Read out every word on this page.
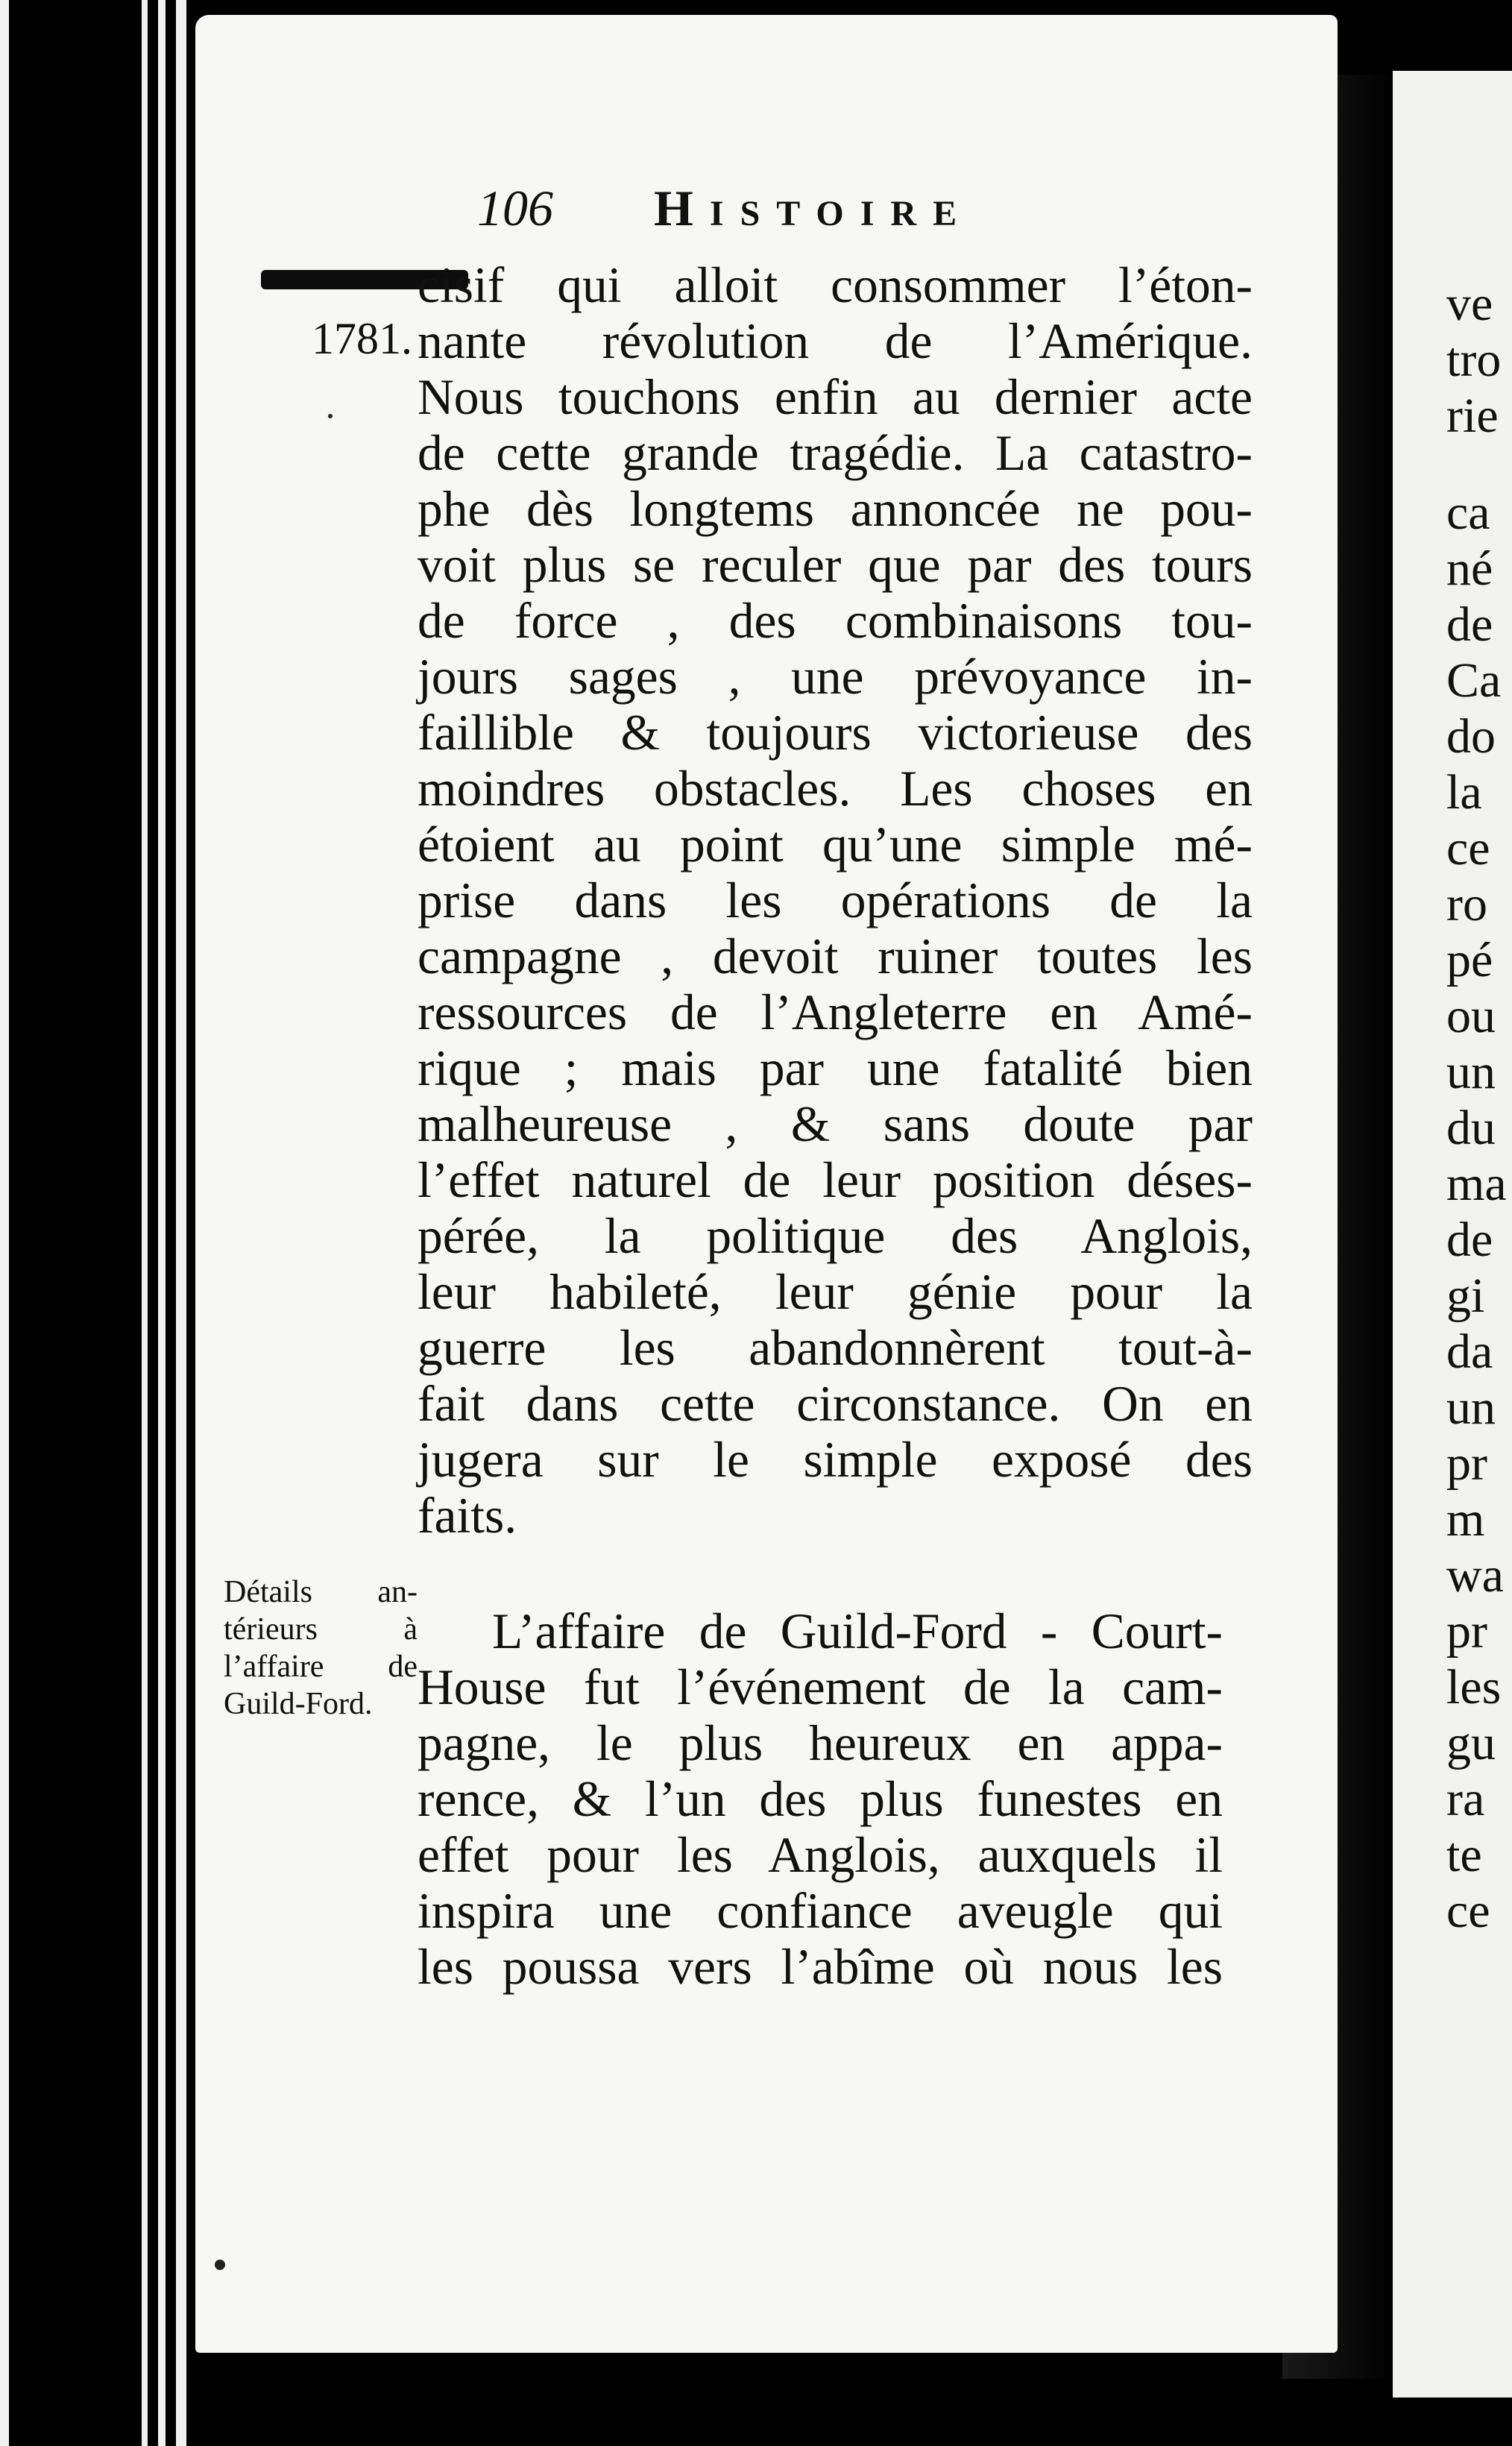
ve
tro
rie
ca
né
de
Ca
do
la
ce
ro
pé
ou
un
du
ma
de
gi
da
un
pr
m
wa
pr
les
gu
ra
te
ce
106 Histoire
1781.
cisif qui alloit consommer l’éton-
nante révolution de l’Amérique.
Nous touchons enfin au dernier acte
de cette grande tragédie. La catastro-
phe dès longtems annoncée ne pou-
voit plus se reculer que par des tours
de force , des combinaisons tou-
jours sages , une prévoyance in-
faillible & toujours victorieuse des
moindres obstacles. Les choses en
étoient au point qu’une simple mé-
prise dans les opérations de la
campagne , devoit ruiner toutes les
ressources de l’Angleterre en Amé-
rique ; mais par une fatalité bien
malheureuse , & sans doute par
l’effet naturel de leur position déses-
pérée, la politique des Anglois,
leur habileté, leur génie pour la
guerre les abandonnèrent tout-à-
fait dans cette circonstance. On en
jugera sur le simple exposé des
faits.
Détails an-
térieurs à
l’affaire de
Guild-Ford.
L’affaire de Guild-Ford - Court-
House fut l’événement de la cam-
pagne, le plus heureux en appa-
rence, & l’un des plus funestes en
effet pour les Anglois, auxquels il
inspira une confiance aveugle qui
les poussa vers l’abîme où nous les
